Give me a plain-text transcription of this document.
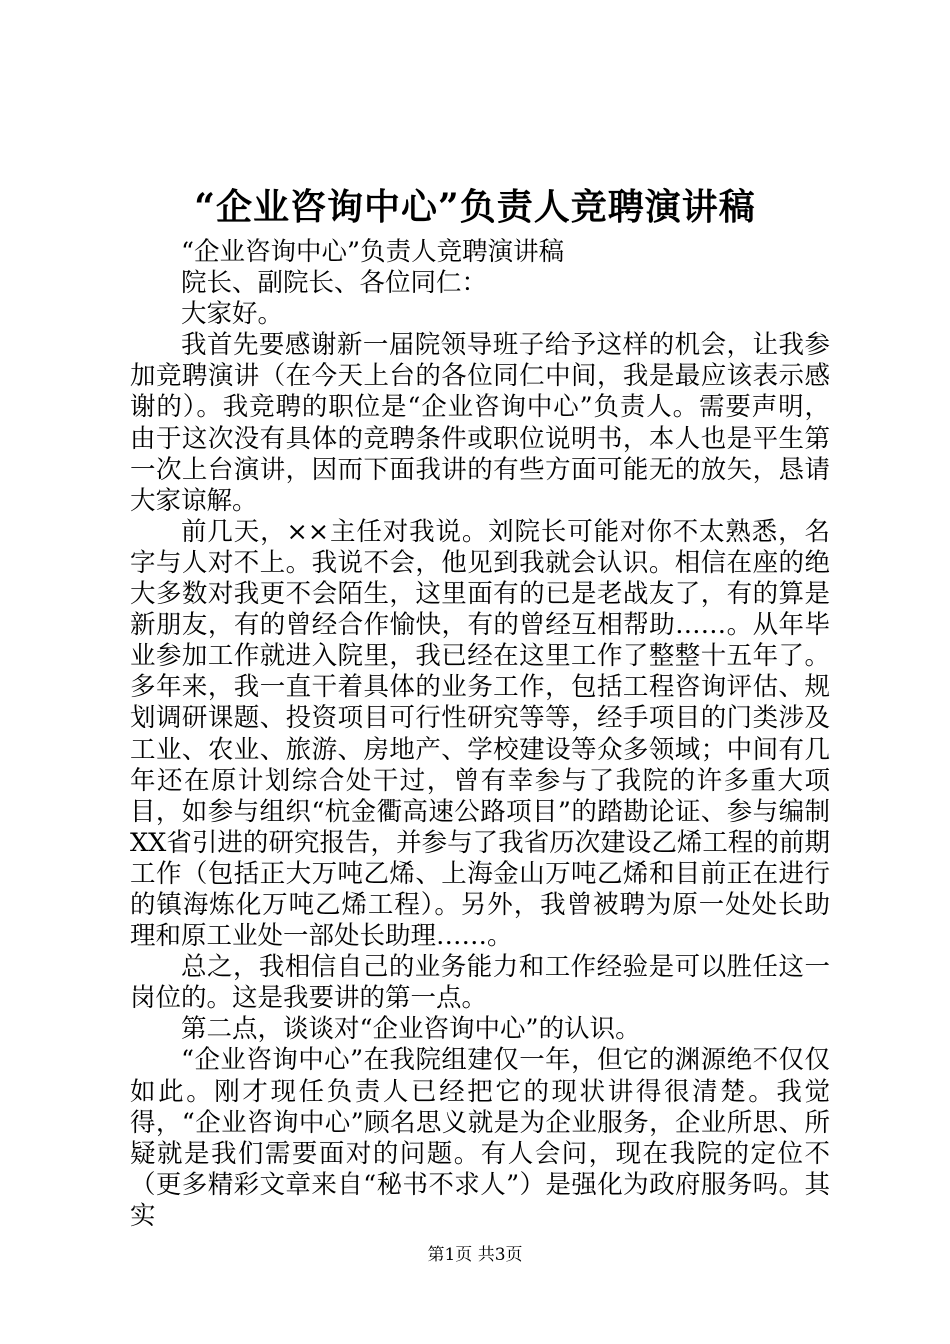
“企业咨询中心”负责人竞聘演讲稿

“企业咨询中心”负责人竞聘演讲稿

院长、副院长、各位同仁：

大家好。

我首先要感谢新一届院领导班子给予这样的机会，让我参加竞聘演讲（在今天上台的各位同仁中间，我是最应该表示感谢的）。我竞聘的职位是“企业咨询中心”负责人。需要声明，由于这次没有具体的竞聘条件或职位说明书，本人也是平生第一次上台演讲，因而下面我讲的有些方面可能无的放矢，恳请大家谅解。

前几天，××主任对我说。刘院长可能对你不太熟悉，名字与人对不上。我说不会，他见到我就会认识。相信在座的绝大多数对我更不会陌生，这里面有的已是老战友了，有的算是新朋友，有的曾经合作愉快，有的曾经互相帮助……。从年毕业参加工作就进入院里，我已经在这里工作了整整十五年了。多年来，我一直干着具体的业务工作，包括工程咨询评估、规划调研课题、投资项目可行性研究等等，经手项目的门类涉及工业、农业、旅游、房地产、学校建设等众多领域；中间有几年还在原计划综合处干过，曾有幸参与了我院的许多重大项目，如参与组织“杭金衢高速公路项目”的踏勘论证、参与编制XX省引进的研究报告，并参与了我省历次建设乙烯工程的前期工作（包括正大万吨乙烯、上海金山万吨乙烯和目前正在进行的镇海炼化万吨乙烯工程）。另外，我曾被聘为原一处处长助理和原工业处一部处长助理……。

总之，我相信自己的业务能力和工作经验是可以胜任这一岗位的。这是我要讲的第一点。

第二点，谈谈对“企业咨询中心”的认识。

“企业咨询中心”在我院组建仅一年，但它的渊源绝不仅仅如此。刚才现任负责人已经把它的现状讲得很清楚。我觉得，“企业咨询中心”顾名思义就是为企业服务，企业所思、所疑就是我们需要面对的问题。有人会问，现在我院的定位不（更多精彩文章来自“秘书不求人”）是强化为政府服务吗。其实

第1页 共3页
